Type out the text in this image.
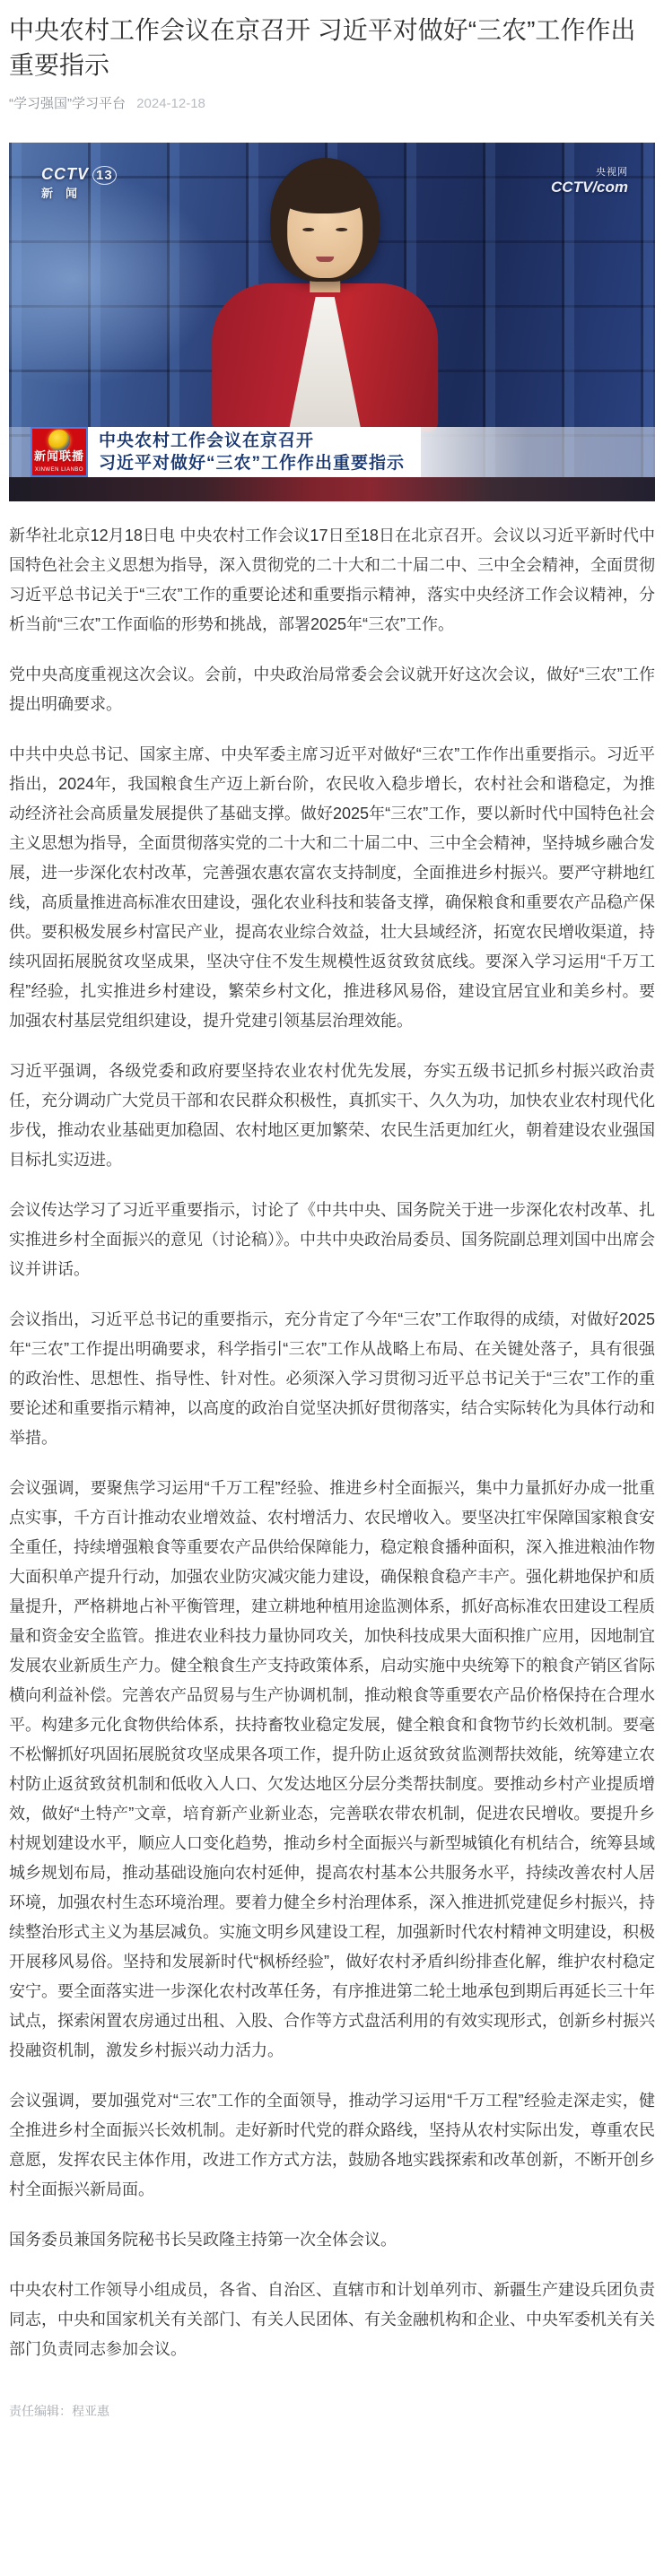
中央农村工作会议在京召开 习近平对做好“三农”工作作出重要指示
“学习强国”学习平台 2024-12-18
CCTV 13
新闻
央视网
CCTV/com
新闻联播
XINWEN LIANBO
中央农村工作会议在京召开
习近平对做好“三农”工作作出重要指示

新华社北京12月18日电 中央农村工作会议17日至18日在北京召开。会议以习近平新时代中国特色社会主义思想为指导，深入贯彻党的二十大和二十届二中、三中全会精神，全面贯彻习近平总书记关于“三农”工作的重要论述和重要指示精神，落实中央经济工作会议精神，分析当前“三农”工作面临的形势和挑战，部署2025年“三农”工作。

党中央高度重视这次会议。会前，中央政治局常委会会议就开好这次会议，做好“三农”工作提出明确要求。

中共中央总书记、国家主席、中央军委主席习近平对做好“三农”工作作出重要指示。习近平指出，2024年，我国粮食生产迈上新台阶，农民收入稳步增长，农村社会和谐稳定，为推动经济社会高质量发展提供了基础支撑。做好2025年“三农”工作，要以新时代中国特色社会主义思想为指导，全面贯彻落实党的二十大和二十届二中、三中全会精神，坚持城乡融合发展，进一步深化农村改革，完善强农惠农富农支持制度，全面推进乡村振兴。要严守耕地红线，高质量推进高标准农田建设，强化农业科技和装备支撑，确保粮食和重要农产品稳产保供。要积极发展乡村富民产业，提高农业综合效益，壮大县域经济，拓宽农民增收渠道，持续巩固拓展脱贫攻坚成果，坚决守住不发生规模性返贫致贫底线。要深入学习运用“千万工程”经验，扎实推进乡村建设，繁荣乡村文化，推进移风易俗，建设宜居宜业和美乡村。要加强农村基层党组织建设，提升党建引领基层治理效能。

习近平强调，各级党委和政府要坚持农业农村优先发展，夯实五级书记抓乡村振兴政治责任，充分调动广大党员干部和农民群众积极性，真抓实干、久久为功，加快农业农村现代化步伐，推动农业基础更加稳固、农村地区更加繁荣、农民生活更加红火，朝着建设农业强国目标扎实迈进。

会议传达学习了习近平重要指示，讨论了《中共中央、国务院关于进一步深化农村改革、扎实推进乡村全面振兴的意见（讨论稿）》。中共中央政治局委员、国务院副总理刘国中出席会议并讲话。

会议指出，习近平总书记的重要指示，充分肯定了今年“三农”工作取得的成绩，对做好2025年“三农”工作提出明确要求，科学指引“三农”工作从战略上布局、在关键处落子，具有很强的政治性、思想性、指导性、针对性。必须深入学习贯彻习近平总书记关于“三农”工作的重要论述和重要指示精神，以高度的政治自觉坚决抓好贯彻落实，结合实际转化为具体行动和举措。

会议强调，要聚焦学习运用“千万工程”经验、推进乡村全面振兴，集中力量抓好办成一批重点实事，千方百计推动农业增效益、农村增活力、农民增收入。要坚决扛牢保障国家粮食安全重任，持续增强粮食等重要农产品供给保障能力，稳定粮食播种面积，深入推进粮油作物大面积单产提升行动，加强农业防灾减灾能力建设，确保粮食稳产丰产。强化耕地保护和质量提升，严格耕地占补平衡管理，建立耕地种植用途监测体系，抓好高标准农田建设工程质量和资金安全监管。推进农业科技力量协同攻关，加快科技成果大面积推广应用，因地制宜发展农业新质生产力。健全粮食生产支持政策体系，启动实施中央统筹下的粮食产销区省际横向利益补偿。完善农产品贸易与生产协调机制，推动粮食等重要农产品价格保持在合理水平。构建多元化食物供给体系，扶持畜牧业稳定发展，健全粮食和食物节约长效机制。要毫不松懈抓好巩固拓展脱贫攻坚成果各项工作，提升防止返贫致贫监测帮扶效能，统筹建立农村防止返贫致贫机制和低收入人口、欠发达地区分层分类帮扶制度。要推动乡村产业提质增效，做好“土特产”文章，培育新产业新业态，完善联农带农机制，促进农民增收。要提升乡村规划建设水平，顺应人口变化趋势，推动乡村全面振兴与新型城镇化有机结合，统筹县域城乡规划布局，推动基础设施向农村延伸，提高农村基本公共服务水平，持续改善农村人居环境，加强农村生态环境治理。要着力健全乡村治理体系，深入推进抓党建促乡村振兴，持续整治形式主义为基层减负。实施文明乡风建设工程，加强新时代农村精神文明建设，积极开展移风易俗。坚持和发展新时代“枫桥经验”，做好农村矛盾纠纷排查化解，维护农村稳定安宁。要全面落实进一步深化农村改革任务，有序推进第二轮土地承包到期后再延长三十年试点，探索闲置农房通过出租、入股、合作等方式盘活利用的有效实现形式，创新乡村振兴投融资机制，激发乡村振兴动力活力。

会议强调，要加强党对“三农”工作的全面领导，推动学习运用“千万工程”经验走深走实，健全推进乡村全面振兴长效机制。走好新时代党的群众路线，坚持从农村实际出发，尊重农民意愿，发挥农民主体作用，改进工作方式方法，鼓励各地实践探索和改革创新，不断开创乡村全面振兴新局面。

国务委员兼国务院秘书长吴政隆主持第一次全体会议。

中央农村工作领导小组成员，各省、自治区、直辖市和计划单列市、新疆生产建设兵团负责同志，中央和国家机关有关部门、有关人民团体、有关金融机构和企业、中央军委机关有关部门负责同志参加会议。

责任编辑：程亚惠
